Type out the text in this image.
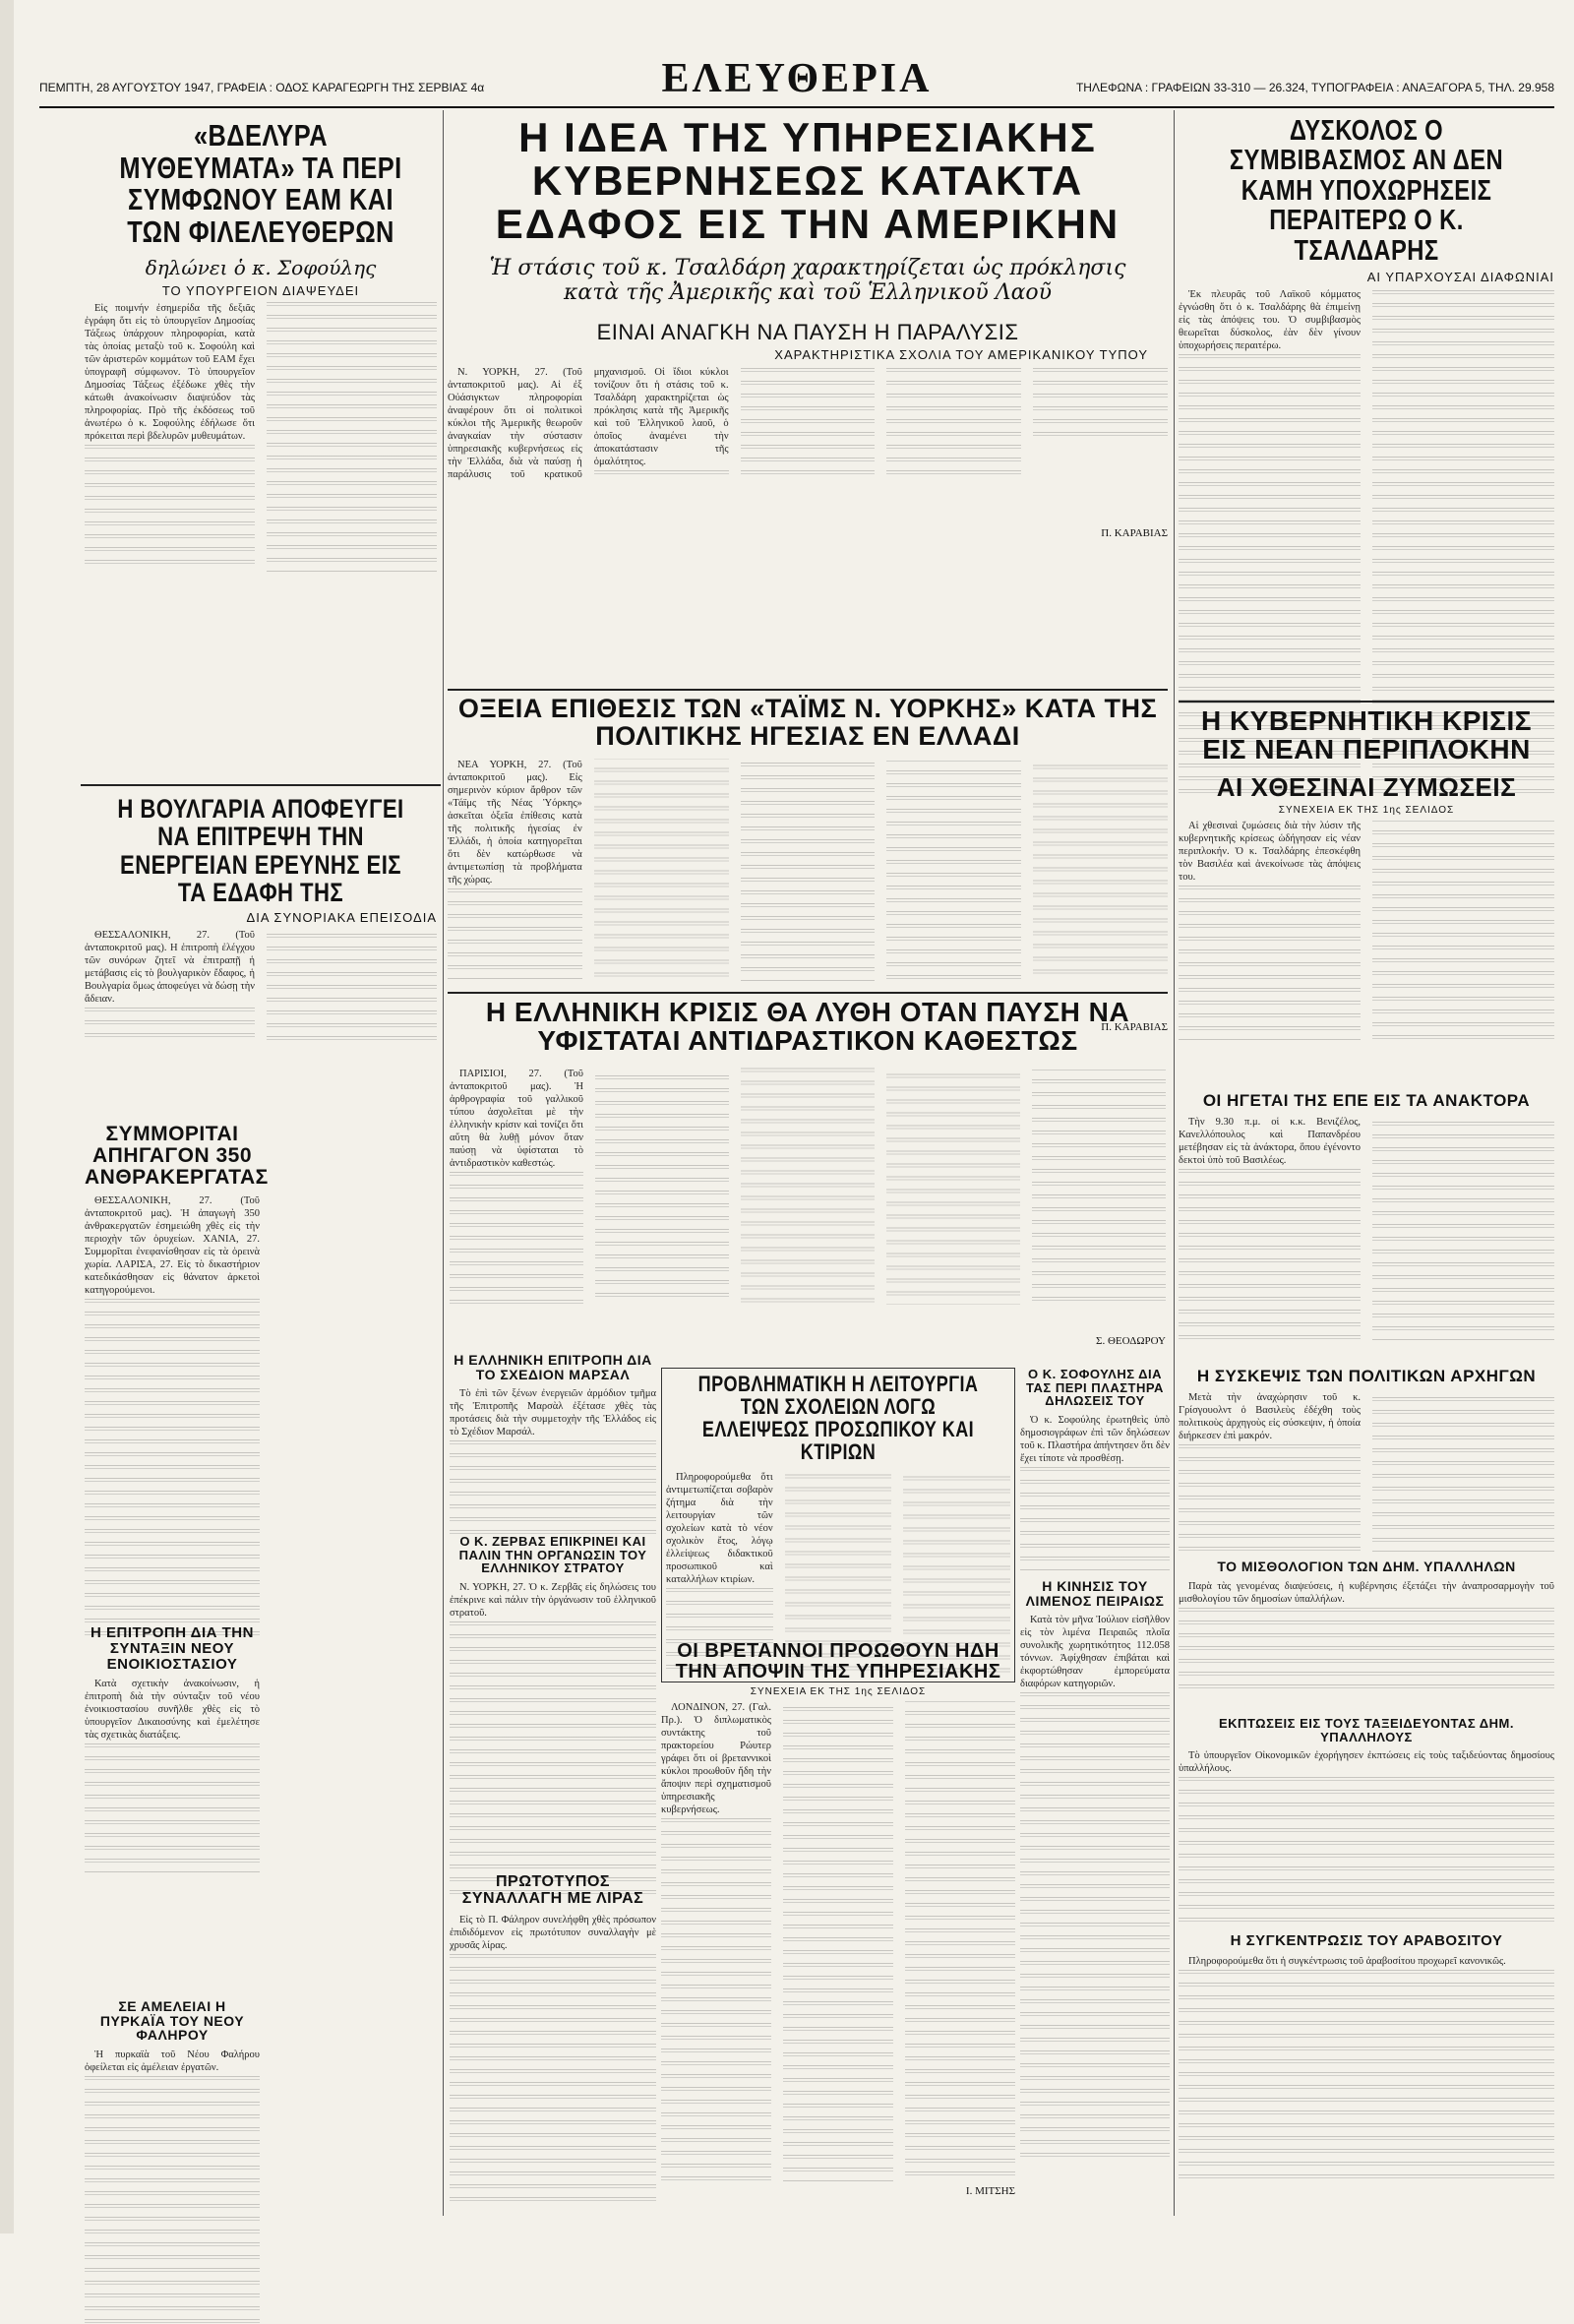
ΕΛΕΥΘΕΡΙΑ
ΠΕΜΠΤΗ, 28 ΑΥΓΟΥΣΤΟΥ 1947, ΓΡΑΦΕΙΑ : ΟΔΟΣ ΚΑΡΑΓΕΩΡΓΗ ΤΗΣ ΣΕΡΒΙΑΣ 4α	ΤΗΛΕΦΩΝΑ : ΓΡΑΦΕΙΩΝ 33-310 — 26.324, ΤΥΠΟΓΡΑΦΕΙΑ : ΑΝΑΞΑΓΟΡΑ 5, ΤΗΛ. 29.958
«ΒΔΕΛΥΡΑ ΜΥΘΕΥΜΑΤΑ» ΤΑ ΠΕΡΙ ΣΥΜΦΩΝΟΥ ΕΑΜ ΚΑΙ ΤΩΝ ΦΙΛΕΛΕΥΘΕΡΩΝ
δηλώνει ὁ κ. Σοφούλης
ΤΟ ΥΠΟΥΡΓΕΙΟΝ ΔΙΑΨΕΥΔΕΙ

Εἰς ποιμνήν ἐσημερίδα τῆς δεξιᾶς ἐγράφη ὅτι εἰς τὸ ὑπουργεῖον Δημοσίας Τάξεως ὑπάρχουν πληροφορίαι, κατὰ τὰς ὁποίας μεταξὺ τοῦ κ. Σοφούλη καὶ τῶν ἀριστερῶν κομμάτων τοῦ ΕΑΜ ἔχει ὑπογραφῆ σύμφωνον. Τὸ ὑπουργεῖον Δημοσίας Τάξεως ἐξέδωκε χθὲς τὴν κάτωθι ἀνακοίνωσιν διαψεύδον τὰς πληροφορίας. Πρὸ τῆς ἐκδόσεως τοῦ ἀνωτέρω ὁ κ. Σοφούλης ἐδήλωσε ὅτι πρόκειται περὶ βδελυρῶν μυθευμάτων.

Η ΒΟΥΛΓΑΡΙΑ ΑΠΟΦΕΥΓΕΙ ΝΑ ΕΠΙΤΡΕΨΗ ΤΗΝ ΕΝΕΡΓΕΙΑΝ ΕΡΕΥΝΗΣ ΕΙΣ ΤΑ ΕΔΑΦΗ ΤΗΣ
ΔΙΑ ΣΥΝΟΡΙΑΚΑ ΕΠΕΙΣΟΔΙΑ

ΘΕΣΣΑΛΟΝΙΚΗ, 27. (Τοῦ ἀνταποκριτοῦ μας). Η ἐπιτροπὴ ἐλέγχου τῶν συνόρων ζητεῖ νὰ ἐπιτραπῇ ἡ μετάβασις εἰς τὸ βουλγαρικὸν ἔδαφος, ἡ Βουλγαρία ὅμως ἀποφεύγει νὰ δώσῃ τὴν ἄδειαν.

ΣΥΜΜΟΡΙΤΑΙ ΑΠΗΓΑΓΟΝ 350 ΑΝΘΡΑΚΕΡΓΑΤΑΣ

ΘΕΣΣΑΛΟΝΙΚΗ, 27. (Τοῦ ἀνταποκριτοῦ μας). Ἡ ἀπαγωγὴ 350 ἀνθρακεργατῶν ἐσημειώθη χθὲς εἰς τὴν περιοχὴν τῶν ὀρυχείων. ΧΑΝΙΑ, 27. Συμμορῖται ἐνεφανίσθησαν εἰς τὰ ὀρεινὰ χωρία. ΛΑΡΙΣΑ, 27. Εἰς τὸ δικαστήριον κατεδικάσθησαν εἰς θάνατον ἀρκετοὶ κατηγορούμενοι.

Η ΕΠΙΤΡΟΠΗ ΔΙΑ ΤΗΝ ΣΥΝΤΑΞΙΝ ΝΕΟΥ ΕΝΟΙΚΙΟΣΤΑΣΙΟΥ

Κατὰ σχετικὴν ἀνακοίνωσιν, ἡ ἐπιτροπὴ διὰ τὴν σύνταξιν τοῦ νέου ἐνοικιοστασίου συνῆλθε χθὲς εἰς τὸ ὑπουργεῖον Δικαιοσύνης καὶ ἐμελέτησε τὰς σχετικὰς διατάξεις.

ΣΕ ΑΜΕΛΕΙΑΙ Η ΠΥΡΚΑΪΑ ΤΟΥ ΝΕΟΥ ΦΑΛΗΡΟΥ

Ἡ πυρκαϊὰ τοῦ Νέου Φαλήρου ὀφείλεται εἰς ἀμέλειαν ἐργατῶν.

Η ΙΔΕΑ ΤΗΣ ΥΠΗΡΕΣΙΑΚΗΣ ΚΥΒΕΡΝΗΣΕΩΣ ΚΑΤΑΚΤΑ ΕΔΑΦΟΣ ΕΙΣ ΤΗΝ ΑΜΕΡΙΚΗΝ
Ἡ στάσις τοῦ κ. Τσαλδάρη χαρακτηρίζεται ὡς πρόκλησις κατὰ τῆς Ἀμερικῆς καὶ τοῦ Ἑλληνικοῦ Λαοῦ
ΕΙΝΑΙ ΑΝΑΓΚΗ ΝΑ ΠΑΥΣΗ Η ΠΑΡΑΛΥΣΙΣ
ΧΑΡΑΚΤΗΡΙΣΤΙΚΑ ΣΧΟΛΙΑ ΤΟΥ ΑΜΕΡΙΚΑΝΙΚΟΥ ΤΥΠΟΥ

Ν. ΥΟΡΚΗ, 27. (Τοῦ ἀνταποκριτοῦ μας). Αἱ ἐξ Οὐάσιγκτων πληροφορίαι ἀναφέρουν ὅτι οἱ πολιτικοὶ κύκλοι τῆς Ἀμερικῆς θεωροῦν ἀναγκαίαν τὴν σύστασιν ὑπηρεσιακῆς κυβερνήσεως εἰς τὴν Ἑλλάδα, διὰ νὰ παύσῃ ἡ παράλυσις τοῦ κρατικοῦ μηχανισμοῦ. Οἱ ἴδιοι κύκλοι τονίζουν ὅτι ἡ στάσις τοῦ κ. Τσαλδάρη χαρακτηρίζεται ὡς πρόκλησις κατὰ τῆς Ἀμερικῆς καὶ τοῦ Ἑλληνικοῦ λαοῦ, ὁ ὁποῖος ἀναμένει τὴν ἀποκατάστασιν τῆς ὁμαλότητος.

Π. ΚΑΡΑΒΙΑΣ
ΟΞΕΙΑ ΕΠΙΘΕΣΙΣ ΤΩΝ «ΤΑΪΜΣ Ν. ΥΟΡΚΗΣ» ΚΑΤΑ ΤΗΣ ΠΟΛΙΤΙΚΗΣ ΗΓΕΣΙΑΣ ΕΝ ΕΛΛΑΔΙ

ΝΕΑ ΥΟΡΚΗ, 27. (Τοῦ ἀνταποκριτοῦ μας). Εἰς σημερινὸν κύριον ἄρθρον τῶν «Τάϊμς τῆς Νέας Ὑόρκης» ἀσκεῖται ὀξεῖα ἐπίθεσις κατὰ τῆς πολιτικῆς ἡγεσίας ἐν Ἑλλάδι, ἡ ὁποία κατηγορεῖται ὅτι δὲν κατώρθωσε νὰ ἀντιμετωπίσῃ τὰ προβλήματα τῆς χώρας.

Π. ΚΑΡΑΒΙΑΣ
Η ΕΛΛΗΝΙΚΗ ΚΡΙΣΙΣ ΘΑ ΛΥΘΗ ΟΤΑΝ ΠΑΥΣΗ ΝΑ ΥΦΙΣΤΑΤΑΙ ΑΝΤΙΔΡΑΣΤΙΚΟΝ ΚΑΘΕΣΤΩΣ

ΠΑΡΙΣΙΟΙ, 27. (Τοῦ ἀνταποκριτοῦ μας). Ἡ ἀρθρογραφία τοῦ γαλλικοῦ τύπου ἀσχολεῖται μὲ τὴν ἑλληνικὴν κρίσιν καὶ τονίζει ὅτι αὕτη θὰ λυθῇ μόνον ὅταν παύσῃ νὰ ὑφίσταται τὸ ἀντιδραστικὸν καθεστώς.

Σ. ΘΕΟΔΩΡΟΥ
Η ΕΛΛΗΝΙΚΗ ΕΠΙΤΡΟΠΗ ΔΙΑ ΤΟ ΣΧΕΔΙΟΝ ΜΑΡΣΑΛ

Τὸ ἐπὶ τῶν ξένων ἐνεργειῶν ἀρμόδιον τμῆμα τῆς Ἐπιτροπῆς Μαρσὰλ ἐξέτασε χθὲς τὰς προτάσεις διὰ τὴν συμμετοχὴν τῆς Ἑλλάδος εἰς τὸ Σχέδιον Μαρσάλ.

Ο Κ. ΖΕΡΒΑΣ ΕΠΙΚΡΙΝΕΙ ΚΑΙ ΠΑΛΙΝ ΤΗΝ ΟΡΓΑΝΩΣΙΝ ΤΟΥ ΕΛΛΗΝΙΚΟΥ ΣΤΡΑΤΟΥ

Ν. ΥΟΡΚΗ, 27. Ὁ κ. Ζερβᾶς εἰς δηλώσεις του ἐπέκρινε καὶ πάλιν τὴν ὀργάνωσιν τοῦ ἑλληνικοῦ στρατοῦ.

ΠΡΩΤΟΤΥΠΟΣ ΣΥΝΑΛΛΑΓΗ ΜΕ ΛΙΡΑΣ

Εἰς τὸ Π. Φάληρον συνελήφθη χθὲς πρόσωπον ἐπιδιδόμενον εἰς πρωτότυπον συναλλαγὴν μὲ χρυσᾶς λίρας.

ΠΡΟΒΛΗΜΑΤΙΚΗ Η ΛΕΙΤΟΥΡΓΙΑ ΤΩΝ ΣΧΟΛΕΙΩΝ ΛΟΓΩ ΕΛΛΕΙΨΕΩΣ ΠΡΟΣΩΠΙΚΟΥ ΚΑΙ ΚΤΙΡΙΩΝ

Πληροφορούμεθα ὅτι ἀντιμετωπίζεται σοβαρὸν ζήτημα διὰ τὴν λειτουργίαν τῶν σχολείων κατὰ τὸ νέον σχολικὸν ἔτος, λόγῳ ἐλλείψεως διδακτικοῦ προσωπικοῦ καὶ καταλλήλων κτιρίων.

ΟΙ ΒΡΕΤΑΝΝΟΙ ΠΡΟΩΘΟΥΝ ΗΔΗ ΤΗΝ ΑΠΟΨΙΝ ΤΗΣ ΥΠΗΡΕΣΙΑΚΗΣ
ΣΥΝΕΧΕΙΑ ΕΚ ΤΗΣ 1ης ΣΕΛΙΔΟΣ

ΛΟΝΔΙΝΟΝ, 27. (Γαλ. Πρ.). Ὁ διπλωματικὸς συντάκτης τοῦ πρακτορείου Ρώυτερ γράφει ὅτι οἱ βρεταννικοὶ κύκλοι προωθοῦν ἤδη τὴν ἄποψιν περὶ σχηματισμοῦ ὑπηρεσιακῆς κυβερνήσεως.

Ι. ΜΙΤΣΗΣ
Ο Κ. ΣΟΦΟΥΛΗΣ ΔΙΑ ΤΑΣ ΠΕΡΙ ΠΛΑΣΤΗΡΑ ΔΗΛΩΣΕΙΣ ΤΟΥ

Ὁ κ. Σοφούλης ἐρωτηθεὶς ὑπὸ δημοσιογράφων ἐπὶ τῶν δηλώσεων τοῦ κ. Πλαστήρα ἀπήντησεν ὅτι δὲν ἔχει τίποτε νὰ προσθέσῃ.

Η ΚΙΝΗΣΙΣ ΤΟΥ ΛΙΜΕΝΟΣ ΠΕΙΡΑΙΩΣ

Κατὰ τὸν μῆνα Ἰούλιον εἰσῆλθον εἰς τὸν λιμένα Πειραιῶς πλοῖα συνολικῆς χωρητικότητος 112.058 τόννων. Ἀφίχθησαν ἐπιβάται καὶ ἐκφορτώθησαν ἐμπορεύματα διαφόρων κατηγοριῶν.

ΔΥΣΚΟΛΟΣ Ο ΣΥΜΒΙΒΑΣΜΟΣ ΑΝ ΔΕΝ ΚΑΜΗ ΥΠΟΧΩΡΗΣΕΙΣ ΠΕΡΑΙΤΕΡΩ Ο Κ. ΤΣΑΛΔΑΡΗΣ
ΑΙ ΥΠΑΡΧΟΥΣΑΙ ΔΙΑΦΩΝΙΑΙ

Ἐκ πλευρᾶς τοῦ Λαϊκοῦ κόμματος ἐγνώσθη ὅτι ὁ κ. Τσαλδάρης θὰ ἐπιμείνῃ εἰς τὰς ἀπόψεις του. Ὁ συμβιβασμὸς θεωρεῖται δύσκολος, ἐὰν δὲν γίνουν ὑποχωρήσεις περαιτέρω.

Η ΚΥΒΕΡΝΗΤΙΚΗ ΚΡΙΣΙΣ ΕΙΣ ΝΕΑΝ ΠΕΡΙΠΛΟΚΗΝ
ΑΙ ΧΘΕΣΙΝΑΙ ΖΥΜΩΣΕΙΣ
ΣΥΝΕΧΕΙΑ ΕΚ ΤΗΣ 1ης ΣΕΛΙΔΟΣ

Αἱ χθεσιναὶ ζυμώσεις διὰ τὴν λύσιν τῆς κυβερνητικῆς κρίσεως ὡδήγησαν εἰς νέαν περιπλοκήν. Ὁ κ. Τσαλδάρης ἐπεσκέφθη τὸν Βασιλέα καὶ ἀνεκοίνωσε τὰς ἀπόψεις του.

ΟΙ ΗΓΕΤΑΙ ΤΗΣ ΕΠΕ ΕΙΣ ΤΑ ΑΝΑΚΤΟΡΑ

Τὴν 9.30 π.μ. οἱ κ.κ. Βενιζέλος, Κανελλόπουλος καὶ Παπανδρέου μετέβησαν εἰς τὰ ἀνάκτορα, ὅπου ἐγένοντο δεκτοὶ ὑπὸ τοῦ Βασιλέως.

Η ΣΥΣΚΕΨΙΣ ΤΩΝ ΠΟΛΙΤΙΚΩΝ ΑΡΧΗΓΩΝ

Μετὰ τὴν ἀναχώρησιν τοῦ κ. Γρίσγουολντ ὁ Βασιλεὺς ἐδέχθη τοὺς πολιτικοὺς ἀρχηγοὺς εἰς σύσκεψιν, ἡ ὁποία διήρκεσεν ἐπὶ μακρόν.

ΤΟ ΜΙΣΘΟΛΟΓΙΟΝ ΤΩΝ ΔΗΜ. ΥΠΑΛΛΗΛΩΝ

Παρὰ τὰς γενομένας διαψεύσεις, ἡ κυβέρνησις ἐξετάζει τὴν ἀναπροσαρμογὴν τοῦ μισθολογίου τῶν δημοσίων ὑπαλλήλων.

ΕΚΠΤΩΣΕΙΣ ΕΙΣ ΤΟΥΣ ΤΑΞΕΙΔΕΥΟΝΤΑΣ ΔΗΜ. ΥΠΑΛΛΗΛΟΥΣ

Τὸ ὑπουργεῖον Οἰκονομικῶν ἐχορήγησεν ἐκπτώσεις εἰς τοὺς ταξιδεύοντας δημοσίους ὑπαλλήλους.

Η ΣΥΓΚΕΝΤΡΩΣΙΣ ΤΟΥ ΑΡΑΒΟΣΙΤΟΥ

Πληροφορούμεθα ὅτι ἡ συγκέντρωσις τοῦ ἀραβοσίτου προχωρεῖ κανονικῶς.
